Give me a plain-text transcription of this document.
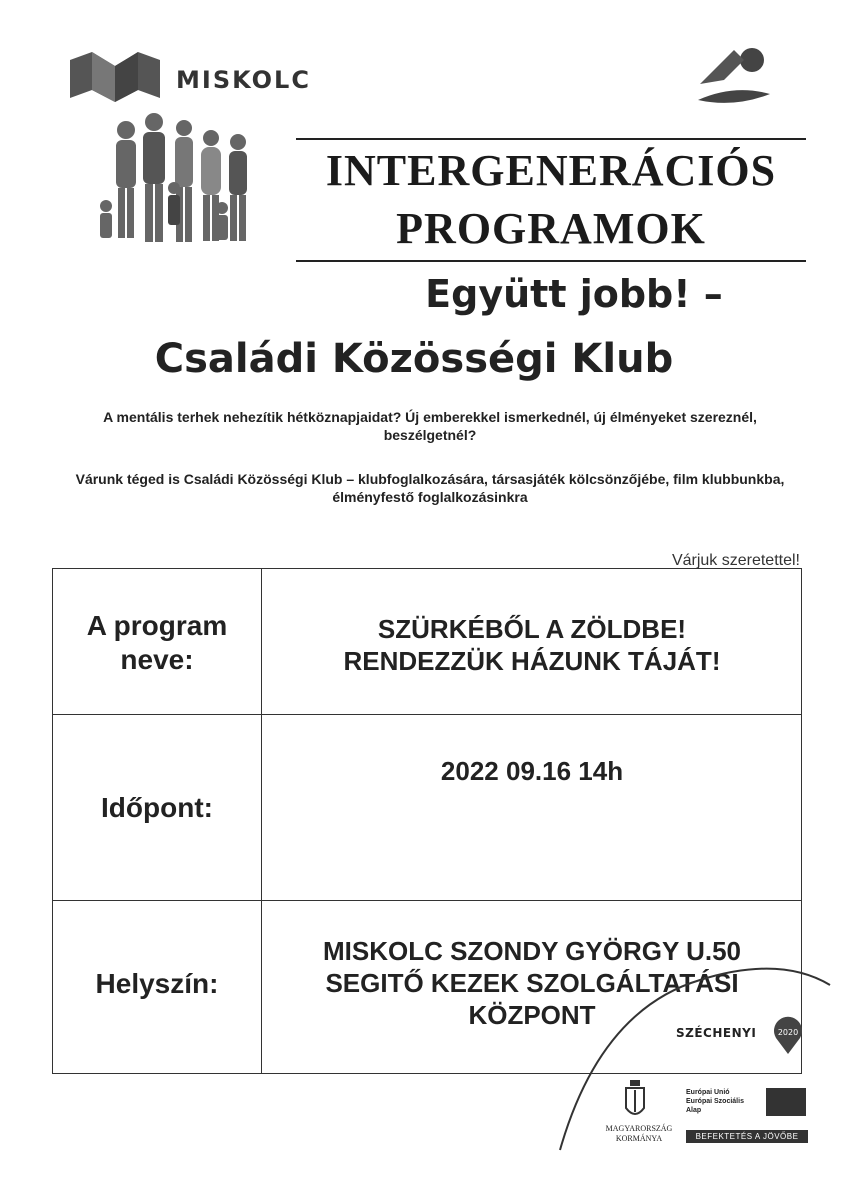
MISKOLC
INTERGENERÁCIÓS
PROGRAMOK
Együtt jobb! –
Családi Közösségi Klub
A mentális terhek nehezítik hétköznapjaidat? Új emberekkel ismerkednél, új élményeket szereznél,
beszélgetnél?
Várunk téged is Családi Közösségi Klub – klubfoglalkozására, társasjáték kölcsönzőjébe, film klubbunkba,
élményfestő foglalkozásinkra
Várjuk szeretettel!
A program
neve:
SZÜRKÉBŐL A ZÖLDBE!
RENDEZZÜK HÁZUNK TÁJÁT!
Időpont:
2022 09.16 14h
Helyszín:
MISKOLC SZONDY GYÖRGY U.50
SEGITŐ KEZEK SZOLGÁLTATÁSI
KÖZPONT
SZÉCHENYI	2020
MAGYARORSZÁG
KORMÁNYA
Európai Unió
Európai Szociális
Alap
BEFEKTETÉS A JÖVŐBE
